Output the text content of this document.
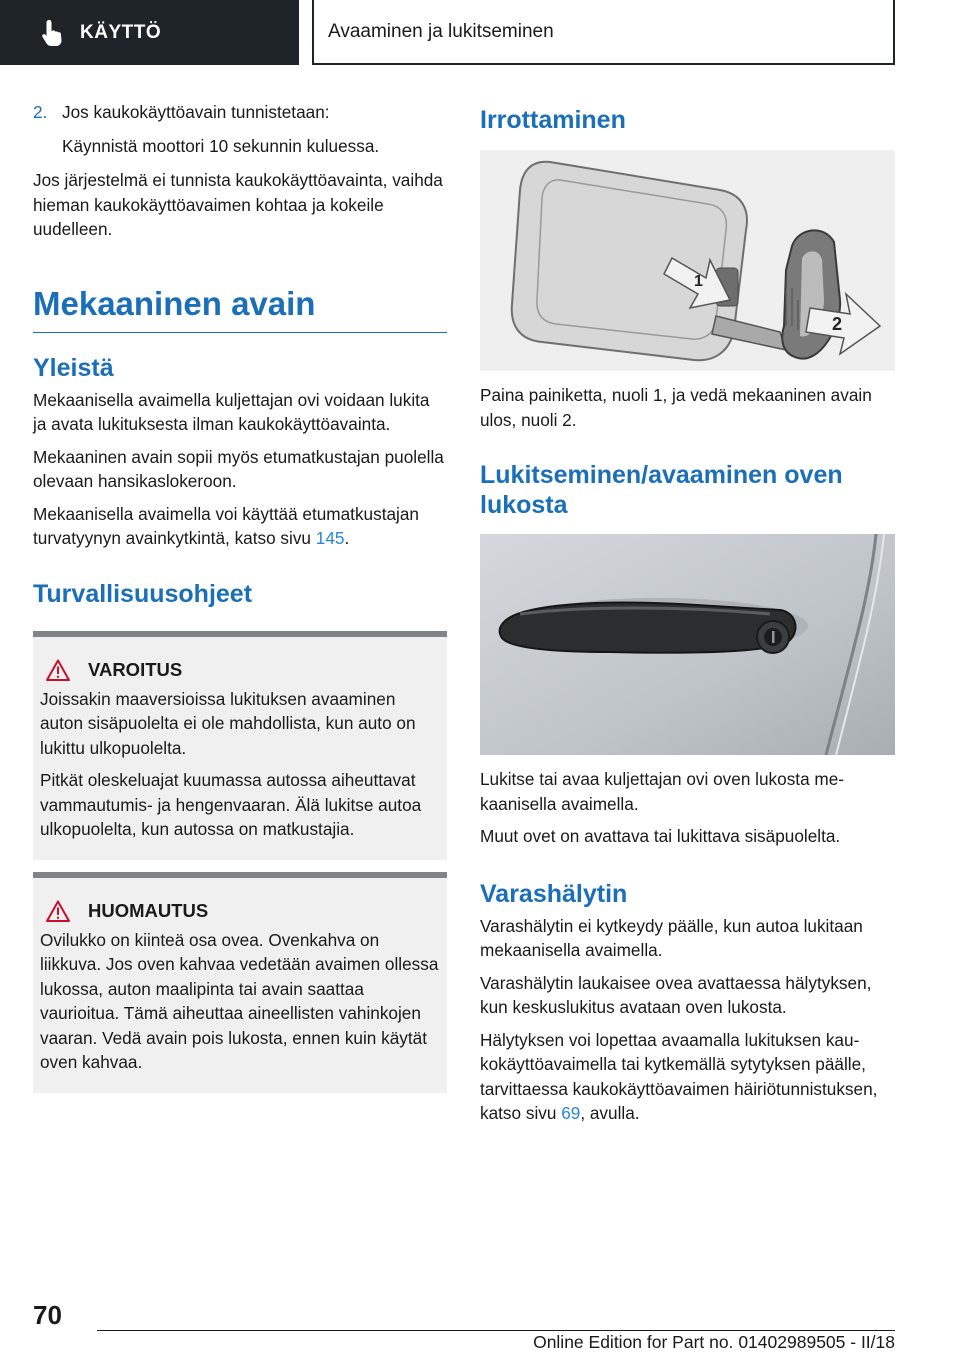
KÄYTTÖ	Avaaminen ja lukitseminen

2. Jos kaukokäyttöavain tunnistetaan:

Käynnistä moottori 10 sekunnin kuluessa.

Jos järjestelmä ei tunnista kaukokäyttöavainta, vaihda hieman kaukokäyttöavaimen kohtaa ja kokeile uudelleen.

Mekaaninen avain
Yleistä

Mekaanisella avaimella kuljettajan ovi voidaan lukita ja avata lukituksesta ilman kaukokäyttöavainta.

Mekaaninen avain sopii myös etumatkustajan puolella olevaan hansikaslokeroon.

Mekaanisella avaimella voi käyttää etumatkustajan turvatyynyn avainkytkintä, katso sivu 145.

Turvallisuusohjeet
VAROITUS

Joissakin maaversioissa lukituksen avaaminen auton sisäpuolelta ei ole mahdollista, kun auto on lukittu ulkopuolelta.

Pitkät oleskeluajat kuumassa autossa aiheuttavat vammautumis- ja hengenvaaran. Älä lukitse autoa ulkopuolelta, kun autossa on matkustajia.

HUOMAUTUS

Ovilukko on kiinteä osa ovea. Ovenkahva on liikkuva. Jos oven kahvaa vedetään avaimen ollessa lukossa, auton maalipinta tai avain saattaa vaurioitua. Tämä aiheuttaa aineellisten vahinkojen vaaran. Vedä avain pois lukosta, ennen kuin käytät oven kahvaa.

Irrottaminen
1
2

Paina painiketta, nuoli 1, ja vedä mekaaninen avain ulos, nuoli 2.

Lukitseminen/avaaminen oven lukosta

Lukitse tai avaa kuljettajan ovi oven lukosta mekaanisella avaimella.

Muut ovet on avattava tai lukittava sisäpuolelta.

Varashälytin

Varashälytin ei kytkeydy päälle, kun autoa lukitaan mekaanisella avaimella.

Varashälytin laukaisee ovea avattaessa hälytyksen, kun keskuslukitus avataan oven lukosta.

Hälytyksen voi lopettaa avaamalla lukituksen kaukokäyttöavaimella tai kytkemällä sytytyksen päälle, tarvittaessa kaukokäyttöavaimen häiriötunnistuksen, katso sivu 69, avulla.

70
Online Edition for Part no. 01402989505 - II/18
